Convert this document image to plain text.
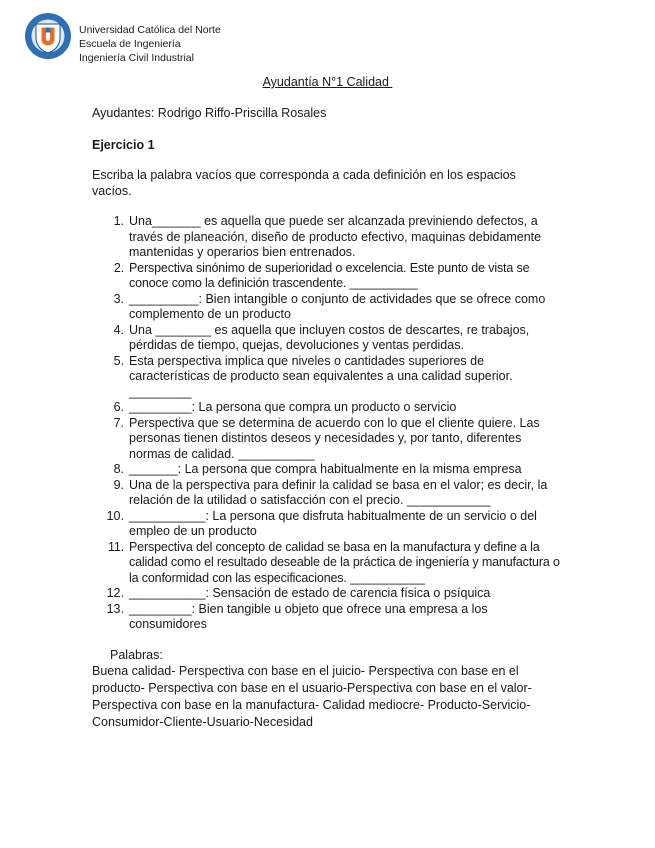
Universidad Católica del Norte
Escuela de Ingeniería
Ingeniería Civil Industrial
Ayudantía N°1 Calidad
Ayudantes: Rodrigo Riffo-Priscilla Rosales
Ejercicio 1
Escriba la palabra vacíos que corresponda a cada definición en los espacios vacíos.
1. Una_______ es aquella que puede ser alcanzada previniendo defectos, a través de planeación, diseño de producto efectivo, maquinas debidamente mantenidas y operarios bien entrenados.
2. Perspectiva sinónimo de superioridad o excelencia. Este punto de vista se conoce como la definición trascendente. __________
3. __________: Bien intangible o conjunto de actividades que se ofrece como complemento de un producto
4. Una ________ es aquella que incluyen costos de descartes, re trabajos, pérdidas de tiempo, quejas, devoluciones y ventas perdidas.
5. Esta perspectiva implica que niveles o cantidades superiores de características de producto sean equivalentes a una calidad superior. _________
6. _________: La persona que compra un producto o servicio
7. Perspectiva que se determina de acuerdo con lo que el cliente quiere. Las personas tienen distintos deseos y necesidades y, por tanto, diferentes normas de calidad. ___________
8. _______: La persona que compra habitualmente en la misma empresa
9. Una de la perspectiva para definir la calidad se basa en el valor; es decir, la relación de la utilidad o satisfacción con el precio. ____________
10. ___________: La persona que disfruta habitualmente de un servicio o del empleo de un producto
11. Perspectiva del concepto de calidad se basa en la manufactura y define a la calidad como el resultado deseable de la práctica de ingeniería y manufactura o la conformidad con las especificaciones. ___________
12. ___________: Sensación de estado de carencia física o psíquica
13. _________: Bien tangible u objeto que ofrece una empresa a los consumidores
Palabras:
Buena calidad- Perspectiva con base en el juicio- Perspectiva con base en el producto- Perspectiva con base en el usuario-Perspectiva con base en el valor-Perspectiva con base en la manufactura- Calidad mediocre- Producto-Servicio-Consumidor-Cliente-Usuario-Necesidad
